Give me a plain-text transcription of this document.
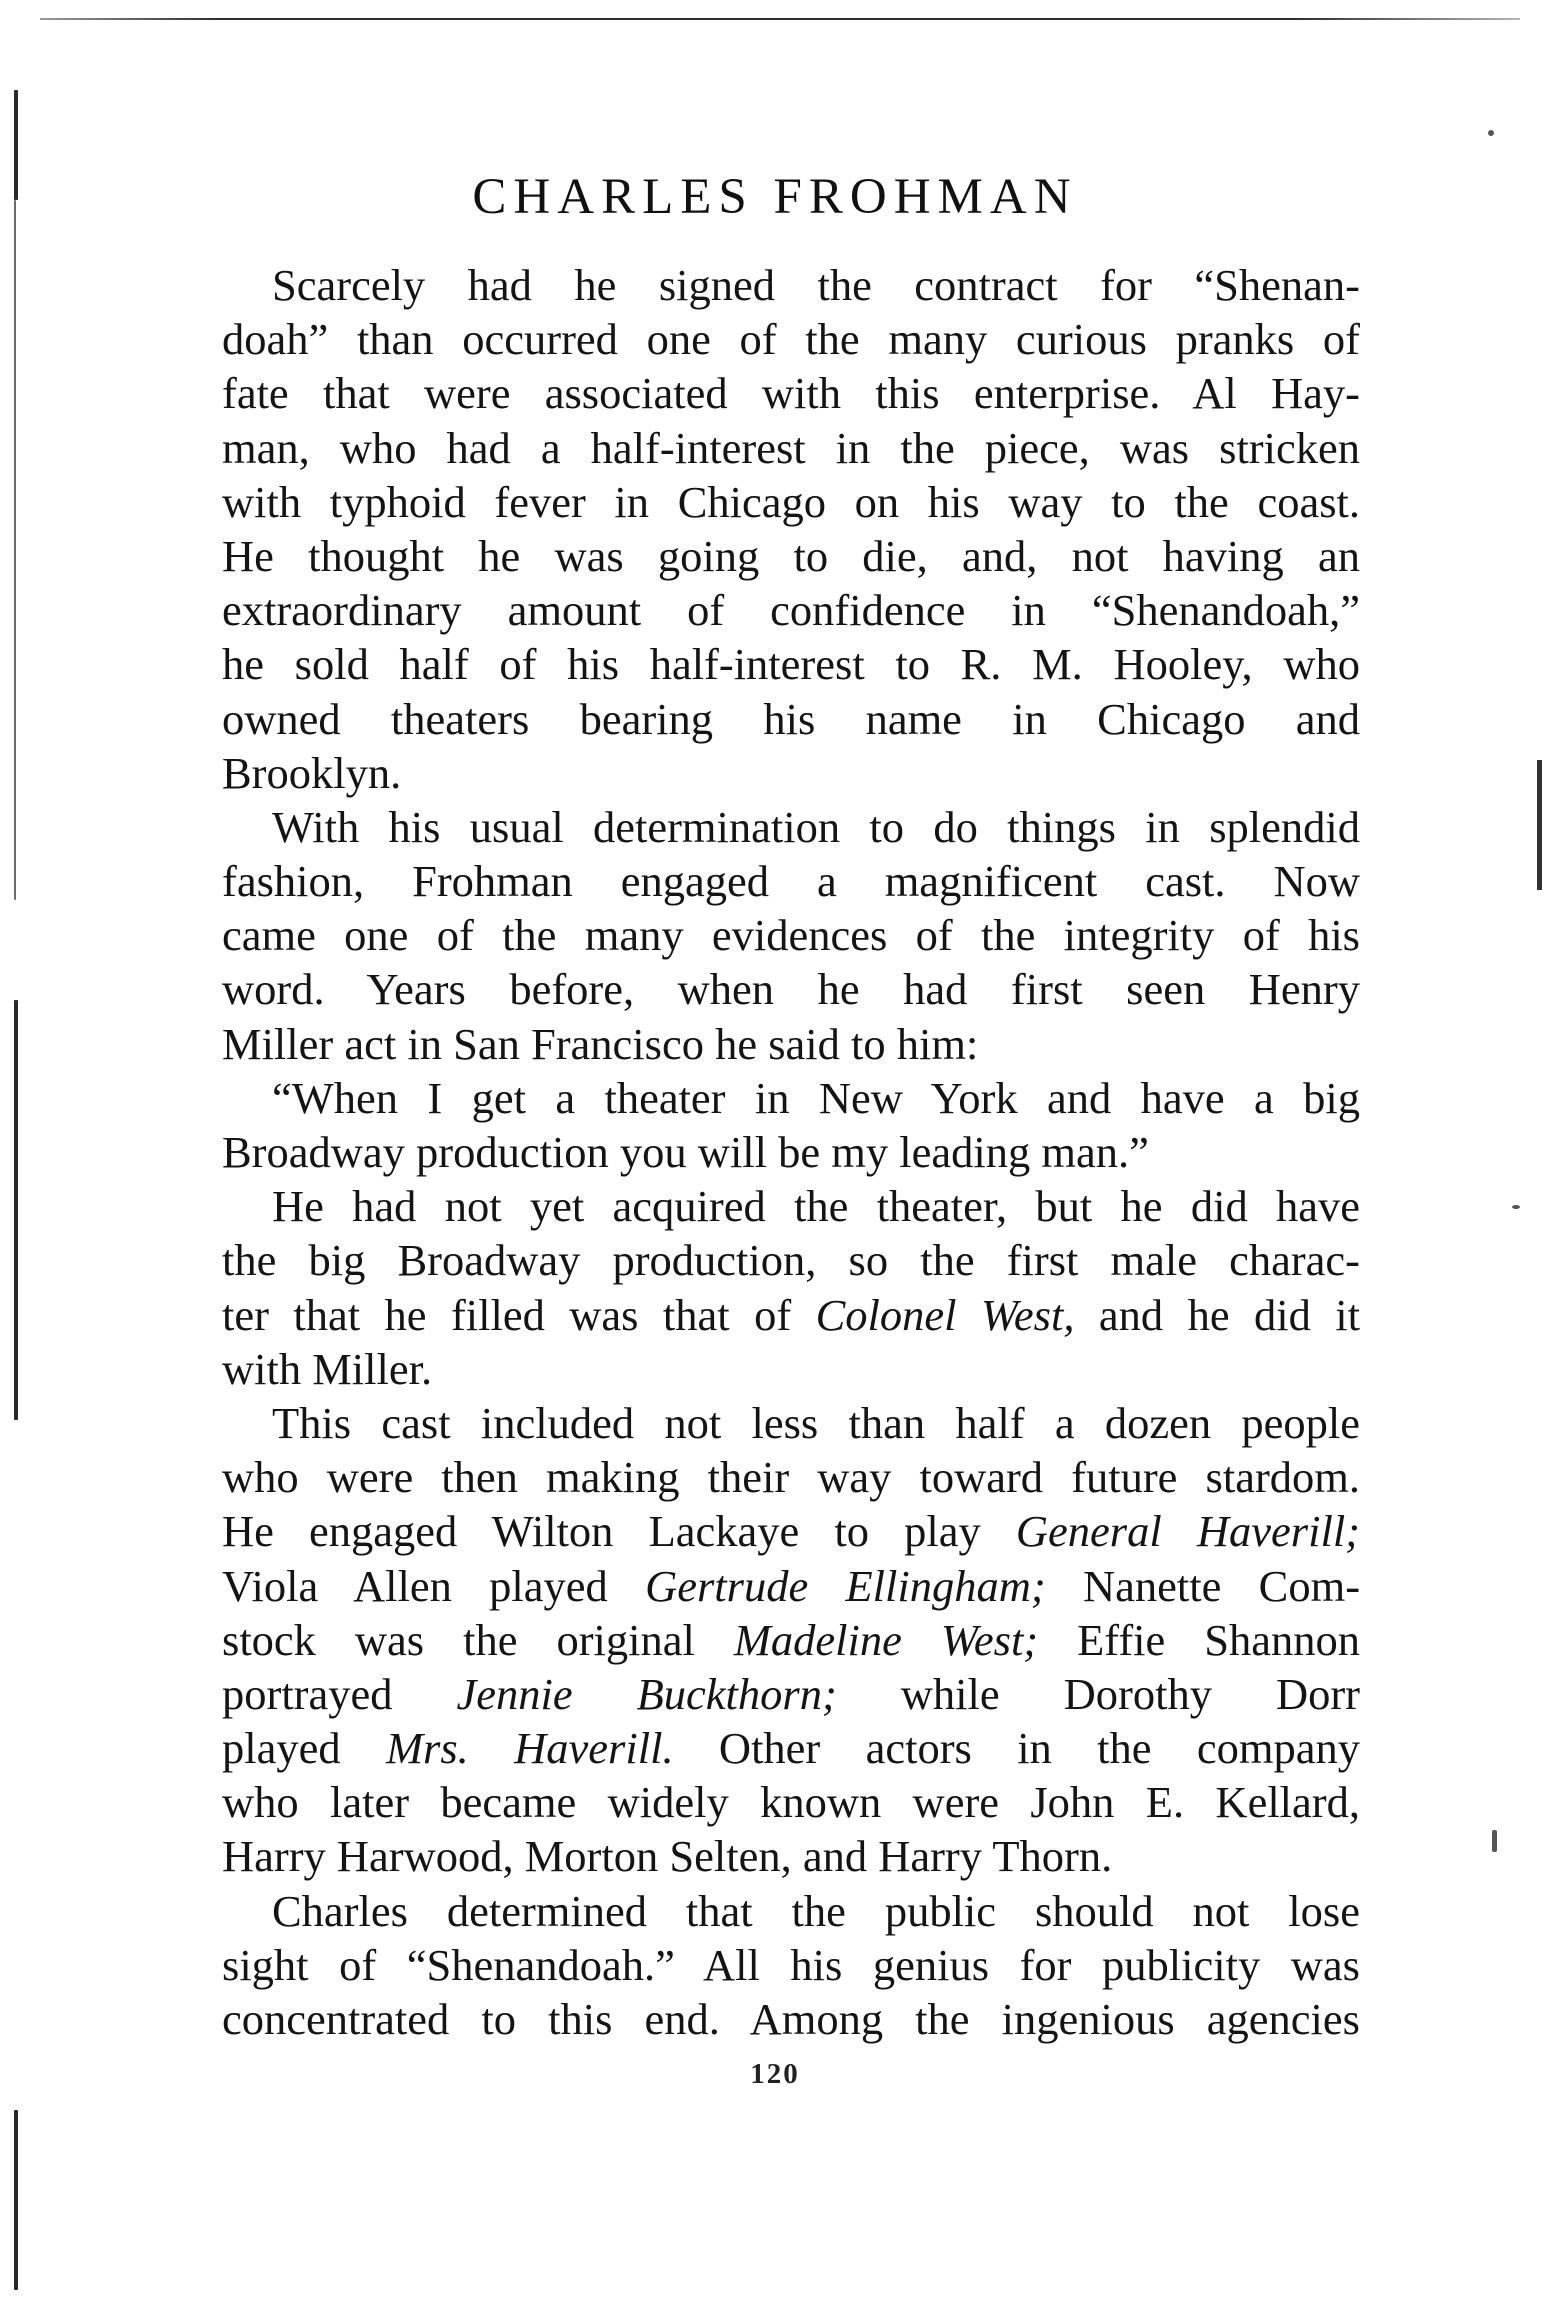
CHARLES FROHMAN
Scarcely had he signed the contract for “Shenan-
doah” than occurred one of the many curious pranks of
fate that were associated with this enterprise. Al Hay-
man, who had a half-interest in the piece, was stricken
with typhoid fever in Chicago on his way to the coast.
He thought he was going to die, and, not having an
extraordinary amount of confidence in “Shenandoah,”
he sold half of his half-interest to R. M. Hooley, who
owned theaters bearing his name in Chicago and
Brooklyn.
With his usual determination to do things in splendid
fashion, Frohman engaged a magnificent cast. Now
came one of the many evidences of the integrity of his
word. Years before, when he had first seen Henry
Miller act in San Francisco he said to him:
“When I get a theater in New York and have a big
Broadway production you will be my leading man.”
He had not yet acquired the theater, but he did have
the big Broadway production, so the first male charac-
ter that he filled was that of Colonel West, and he did it
with Miller.
This cast included not less than half a dozen people
who were then making their way toward future stardom.
He engaged Wilton Lackaye to play General Haverill;
Viola Allen played Gertrude Ellingham; Nanette Com-
stock was the original Madeline West; Effie Shannon
portrayed Jennie Buckthorn; while Dorothy Dorr
played Mrs. Haverill. Other actors in the company
who later became widely known were John E. Kellard,
Harry Harwood, Morton Selten, and Harry Thorn.
Charles determined that the public should not lose
sight of “Shenandoah.” All his genius for publicity was
concentrated to this end. Among the ingenious agencies
120
